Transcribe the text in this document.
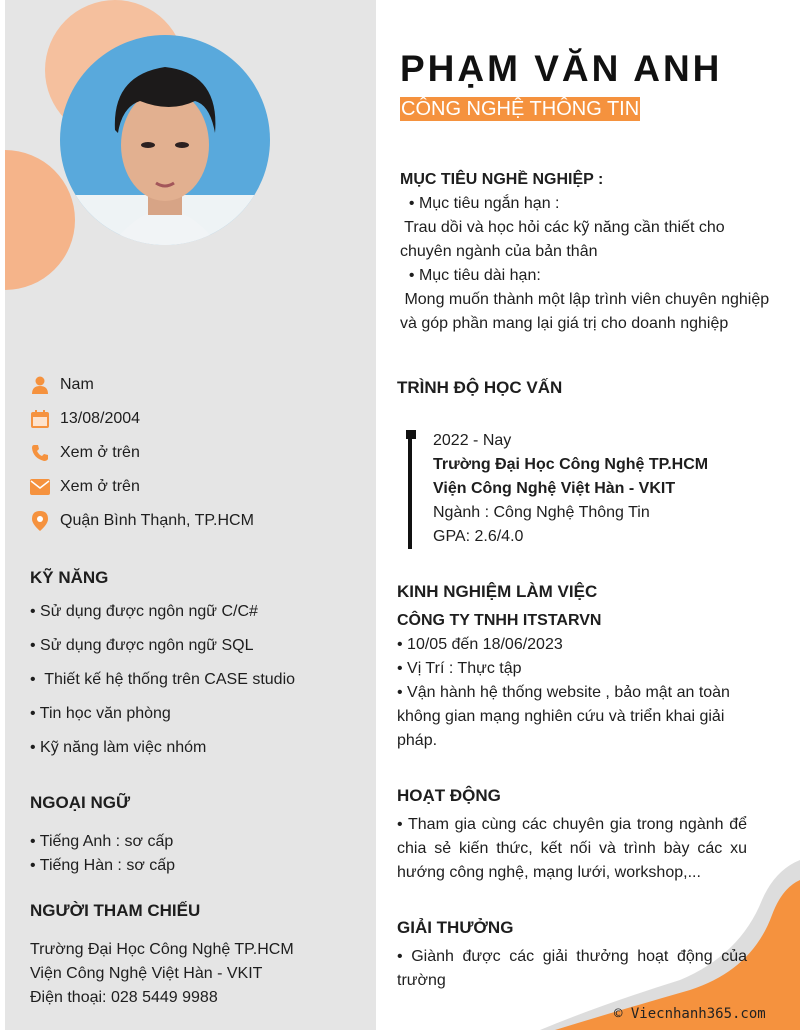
Nam
13/08/2004
Xem ở trên
Xem ở trên
Quận Bình Thạnh, TP.HCM
KỸ NĂNG
• Sử dụng được ngôn ngữ C/C#
• Sử dụng được ngôn ngữ SQL
•  Thiết kế hệ thống trên CASE studio
• Tin học văn phòng
• Kỹ năng làm việc nhóm
NGOẠI NGỮ
• Tiếng Anh : sơ cấp
• Tiếng Hàn : sơ cấp
NGƯỜI THAM CHIẾU
Trường Đại Học Công Nghệ TP.HCM
Viện Công Nghệ Việt Hàn - VKIT
Điện thoại: 028 5449 9988
PHẠM VĂN ANH
CÔNG NGHỆ THÔNG TIN
MỤC TIÊU NGHỀ NGHIỆP :
• Mục tiêu ngắn hạn :
Trau dồi và học hỏi các kỹ năng cần thiết cho
chuyên ngành của bản thân
• Mục tiêu dài hạn:
Mong muốn thành một lập trình viên chuyên nghiệp
và góp phần mang lại giá trị cho doanh nghiệp
TRÌNH ĐỘ HỌC VẤN
2022 - Nay
Trường Đại Học Công Nghệ TP.HCM
Viện Công Nghệ Việt Hàn - VKIT
Ngành : Công Nghệ Thông Tin
GPA: 2.6/4.0
KINH NGHIỆM LÀM VIỆC
CÔNG TY TNHH ITSTARVN
• 10/05 đến 18/06/2023
• Vị Trí : Thực tập
• Vận hành hệ thống website , bảo mật an toàn không gian mạng nghiên cứu và triển khai giải pháp.
HOẠT ĐỘNG
• Tham gia cùng các chuyên gia trong ngành để chia sẻ kiến thức, kết nối và trình bày các xu hướng công nghệ, mạng lưới, workshop,...
GIẢI THƯỞNG
• Giành được các giải thưởng hoạt động của trường
© Viecnhanh365.com
